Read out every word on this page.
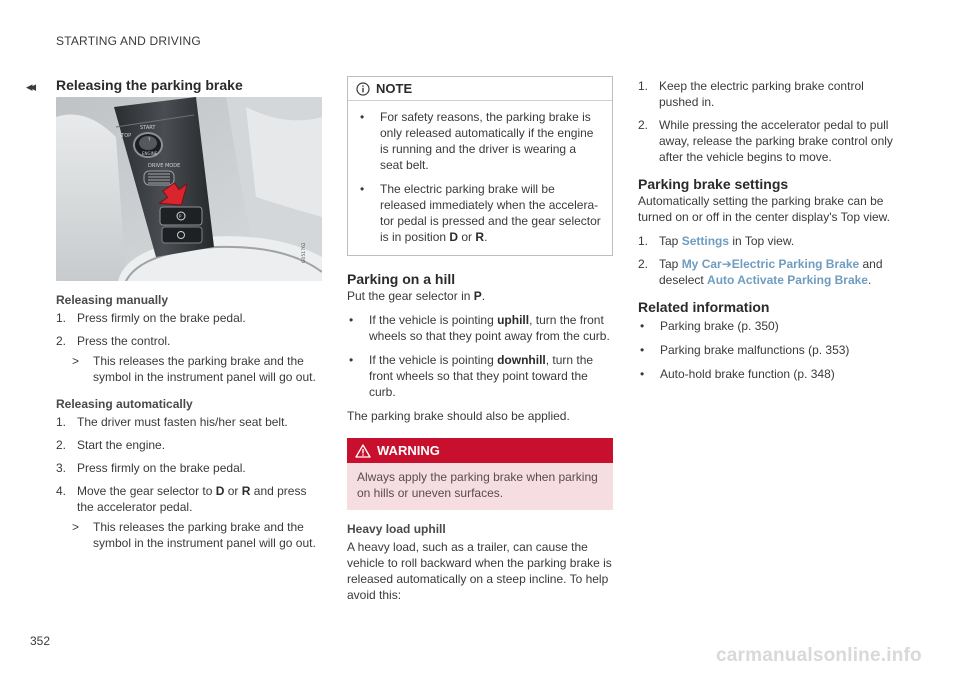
STARTING AND DRIVING
◂◂
352
carmanualsonline.info
Releasing the parking brake
STOP
START
ENGINE
↑
DRIVE MODE
P
G051762
Releasing manually
1. Press firmly on the brake pedal.
2. Press the control.
> This releases the parking brake and the symbol in the instrument panel will go out.
Releasing automatically
1. The driver must fasten his/her seat belt.
2. Start the engine.
3. Press firmly on the brake pedal.
4. Move the gear selector to D or R and press the accelerator pedal.
> This releases the parking brake and the symbol in the instrument panel will go out.
NOTE
• For safety reasons, the parking brake is only released automatically if the engine is running and the driver is wearing a seat belt.
• The electric parking brake will be released immediately when the accelera-tor pedal is pressed and the gear selector is in position D or R.
Parking on a hill

Put the gear selector in P.

• If the vehicle is pointing uphill, turn the front wheels so that they point away from the curb.
• If the vehicle is pointing downhill, turn the front wheels so that they point toward the curb.

The parking brake should also be applied.

WARNING
Always apply the parking brake when parking on hills or uneven surfaces.
Heavy load uphill

A heavy load, such as a trailer, can cause the vehicle to roll backward when the parking brake is released automatically on a steep incline. To help avoid this:

1. Keep the electric parking brake control pushed in.
2. While pressing the accelerator pedal to pull away, release the parking brake control only after the vehicle begins to move.
Parking brake settings

Automatically setting the parking brake can be turned on or off in the center display's Top view.

1. Tap Settings in Top view.
2. Tap My Car➔Electric Parking Brake and deselect Auto Activate Parking Brake.
Related information
• Parking brake (p. 350)
• Parking brake malfunctions (p. 353)
• Auto-hold brake function (p. 348)
